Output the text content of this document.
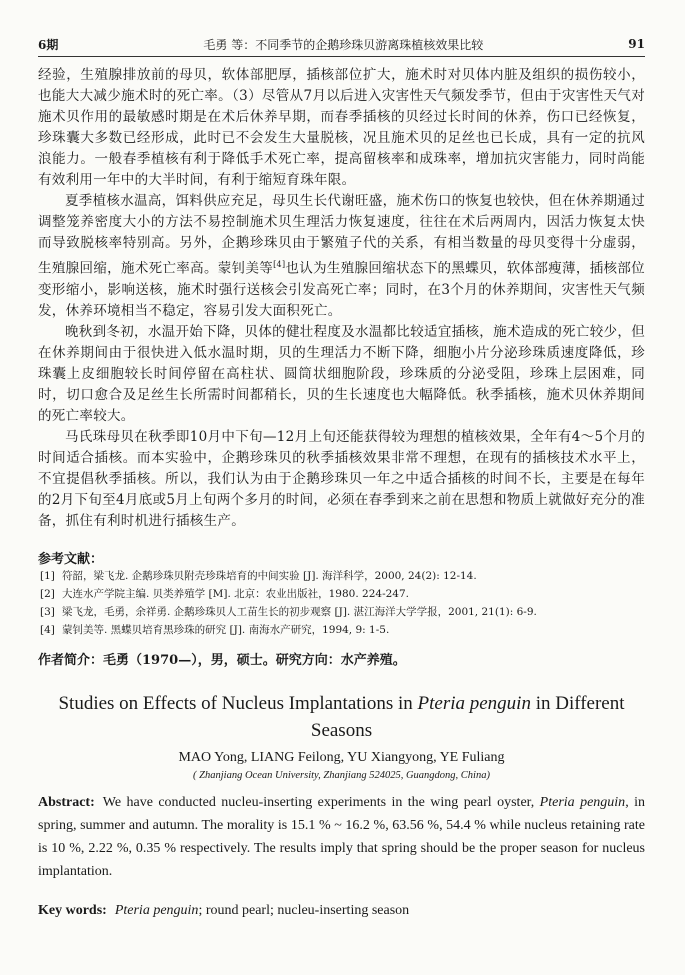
6期	毛勇 等：不同季节的企鹅珍珠贝游离珠植核效果比较	91

经验，生殖腺排放前的母贝，软体部肥厚，插核部位扩大，施术时对贝体内脏及组织的损伤较小，也能大大减少施术时的死亡率。（3）尽管从7月以后进入灾害性天气频发季节，但由于灾害性天气对施术贝作用的最敏感时期是在术后休养早期，而春季插核的贝经过长时间的休养，伤口已经恢复，珍珠囊大多数已经形成，此时已不会发生大量脱核，况且施术贝的足丝也已长成，具有一定的抗风浪能力。一般春季植核有利于降低手术死亡率，提高留核率和成珠率，增加抗灾害能力，同时尚能有效利用一年中的大半时间，有利于缩短育珠年限。

夏季植核水温高，饵料供应充足，母贝生长代谢旺盛，施术伤口的恢复也较快，但在休养期通过调整笼养密度大小的方法不易控制施术贝生理活力恢复速度，往往在术后两周内，因活力恢复太快而导致脱核率特别高。另外，企鹅珍珠贝由于繁殖子代的关系，有相当数量的母贝变得十分虚弱，生殖腺回缩，施术死亡率高。蒙钊美等[4]也认为生殖腺回缩状态下的黑蝶贝，软体部瘦薄，插核部位变形缩小，影响送核，施术时强行送核会引发高死亡率；同时，在3个月的休养期间，灾害性天气频发，休养环境相当不稳定，容易引发大面积死亡。

晚秋到冬初，水温开始下降，贝体的健壮程度及水温都比较适宜插核，施术造成的死亡较少，但在休养期间由于很快进入低水温时期，贝的生理活力不断下降，细胞小片分泌珍珠质速度降低，珍珠囊上皮细胞较长时间停留在高柱状、圆筒状细胞阶段，珍珠质的分泌受阻，珍珠上层困难，同时，切口愈合及足丝生长所需时间都稍长，贝的生长速度也大幅降低。秋季插核，施术贝休养期间的死亡率较大。

马氏珠母贝在秋季即10月中下旬—12月上旬还能获得较为理想的植核效果，全年有4～5个月的时间适合插核。而本实验中，企鹅珍珠贝的秋季插核效果非常不理想，在现有的插核技术水平上，不宜提倡秋季插核。所以，我们认为由于企鹅珍珠贝一年之中适合插核的时间不长，主要是在每年的2月下旬至4月底或5月上旬两个多月的时间，必须在春季到来之前在思想和物质上就做好充分的准备，抓住有利时机进行插核生产。

参考文献：
[1] 符韶，梁飞龙. 企鹅珍珠贝附壳珍珠培育的中间实验 [J]. 海洋科学，2000, 24(2): 12-14.
[2] 大连水产学院主编. 贝类养殖学 [M]. 北京：农业出版社，1980. 224-247.
[3] 梁飞龙，毛勇，余祥勇. 企鹅珍珠贝人工苗生长的初步观察 [J]. 湛江海洋大学学报，2001, 21(1): 6-9.
[4] 蒙钊美等. 黑蝶贝培育黑珍珠的研究 [J]. 南海水产研究，1994, 9: 1-5.
作者简介：毛勇（1970—），男，硕士。研究方向：水产养殖。
Studies on Effects of Nucleus Implantations in Pteria penguin in Different Seasons
MAO Yong, LIANG Feilong, YU Xiangyong, YE Fuliang
( Zhanjiang Ocean University, Zhanjiang 524025, Guangdong, China)
Abstract: We have conducted nucleu-inserting experiments in the wing pearl oyster, Pteria penguin, in spring, summer and autumn. The morality is 15.1 % ~ 16.2 %, 63.56 %, 54.4 % while nucleus retaining rate is 10 %, 2.22 %, 0.35 % respectively. The results imply that spring should be the proper season for nucleus implantation.
Key words: Pteria penguin; round pearl; nucleu-inserting season
